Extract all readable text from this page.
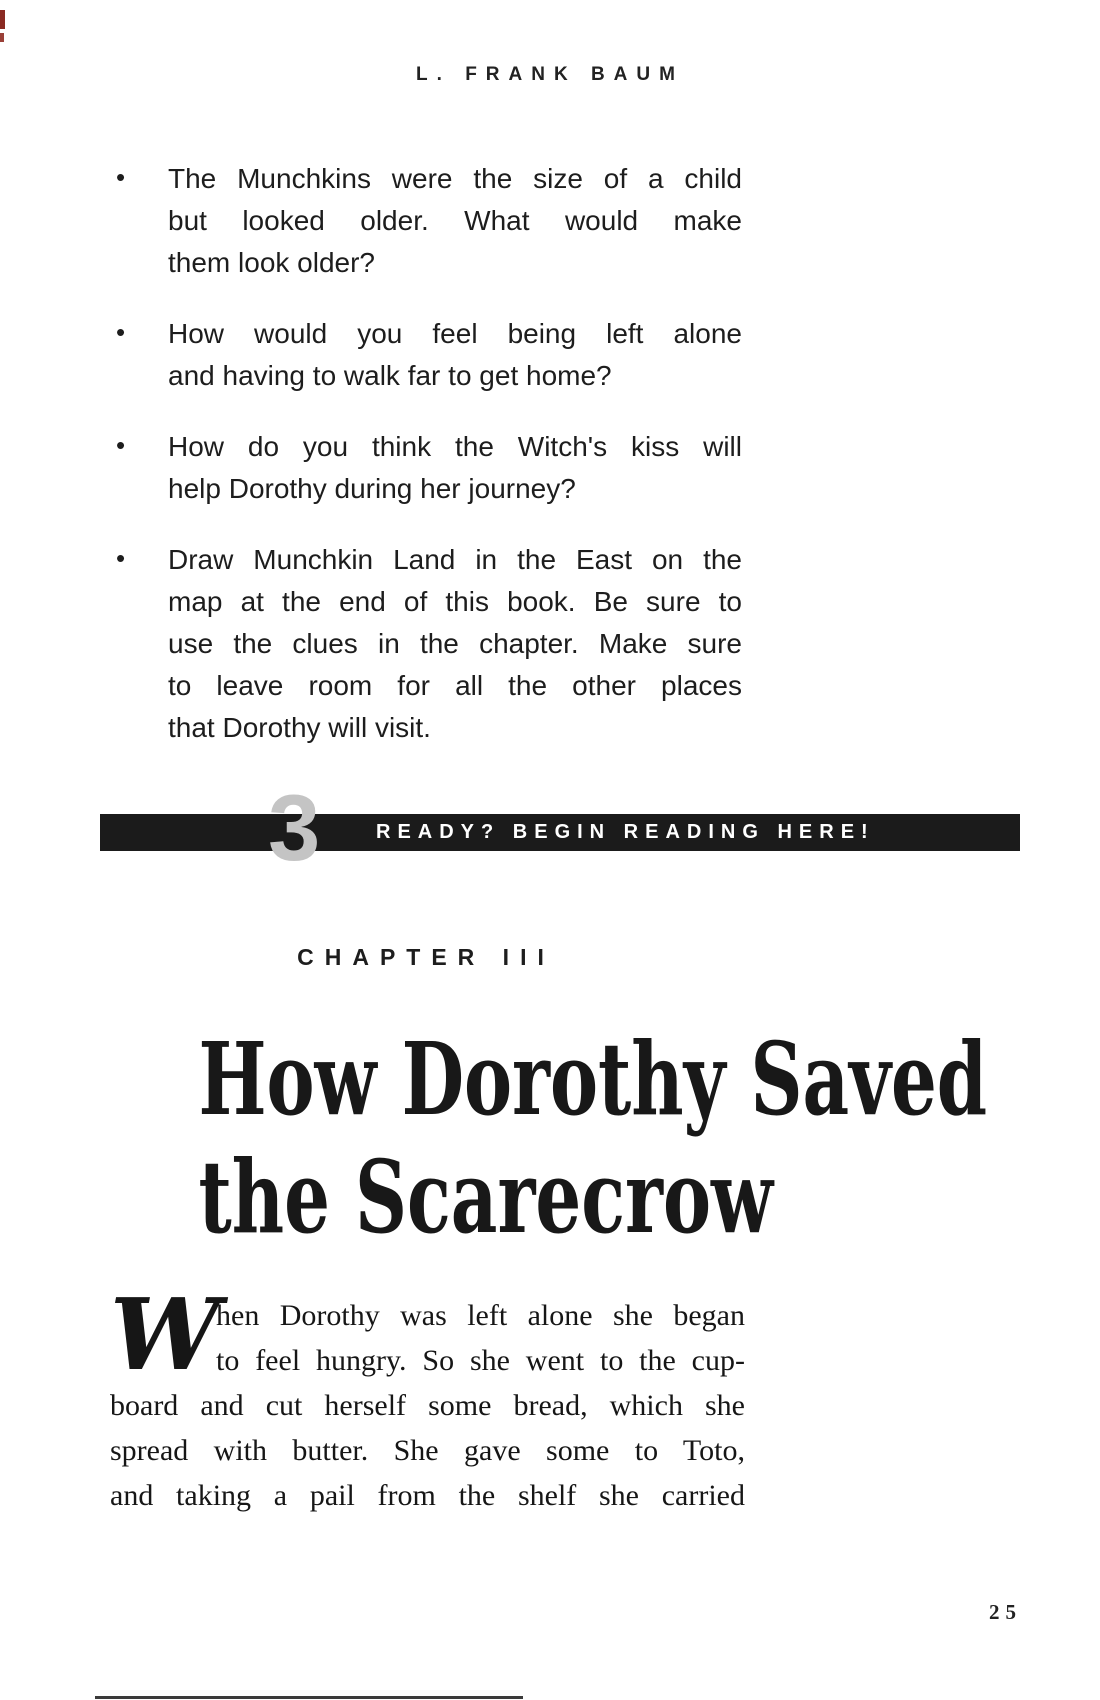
L. FRANK BAUM
• The Munchkins were the size of a child
but looked older. What would make
them look older?
• How would you feel being left alone
and having to walk far to get home?
• How do you think the Witch's kiss will
help Dorothy during her journey?
• Draw Munchkin Land in the East on the
map at the end of this book. Be sure to
use the clues in the chapter. Make sure
to leave room for all the other places
that Dorothy will visit.
3	READY? BEGIN READING HERE!
CHAPTER III
How Dorothy Saved
the Scarecrow
W
hen Dorothy was left alone she began
to feel hungry. So she went to the cup-
board and cut herself some bread, which she
spread with butter. She gave some to Toto,
and taking a pail from the shelf she carried
25
